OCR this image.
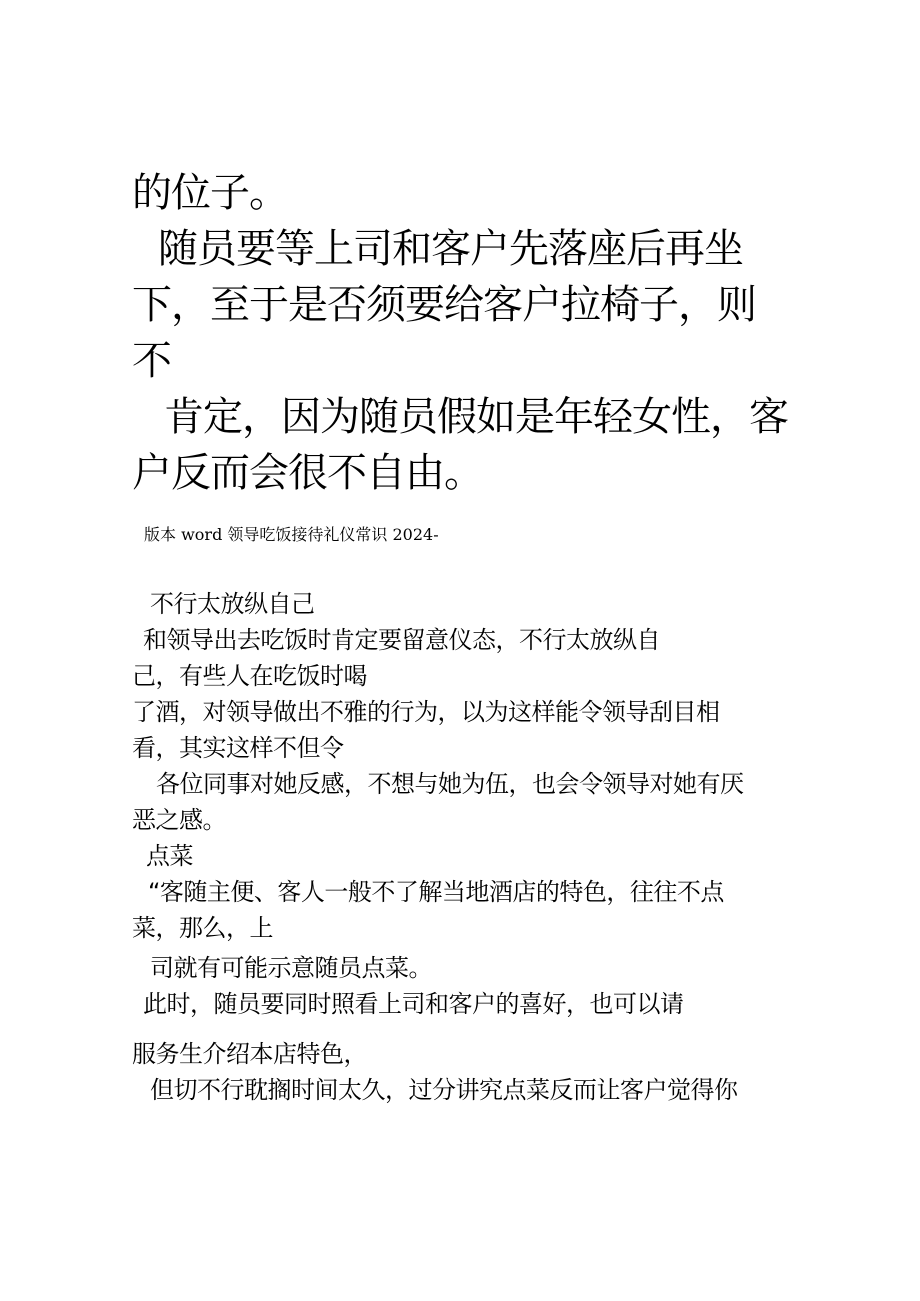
的位子。

随员要等上司和客户先落座后再坐

下，至于是否须要给客户拉椅子，则

不

肯定，因为随员假如是年轻女性，客

户反而会很不自由。

版本 word 领导吃饭接待礼仪常识 2024-

不行太放纵自己

和领导出去吃饭时肯定要留意仪态，不行太放纵自

己，有些人在吃饭时喝

了酒，对领导做出不雅的行为，以为这样能令领导刮目相

看，其实这样不但令

各位同事对她反感，不想与她为伍，也会令领导对她有厌

恶之感。

点菜

“客随主便、客人一般不了解当地酒店的特色，往往不点

菜，那么，上

司就有可能示意随员点菜。

此时，随员要同时照看上司和客户的喜好，也可以请

服务生介绍本店特色，

但切不行耽搁时间太久，过分讲究点菜反而让客户觉得你
